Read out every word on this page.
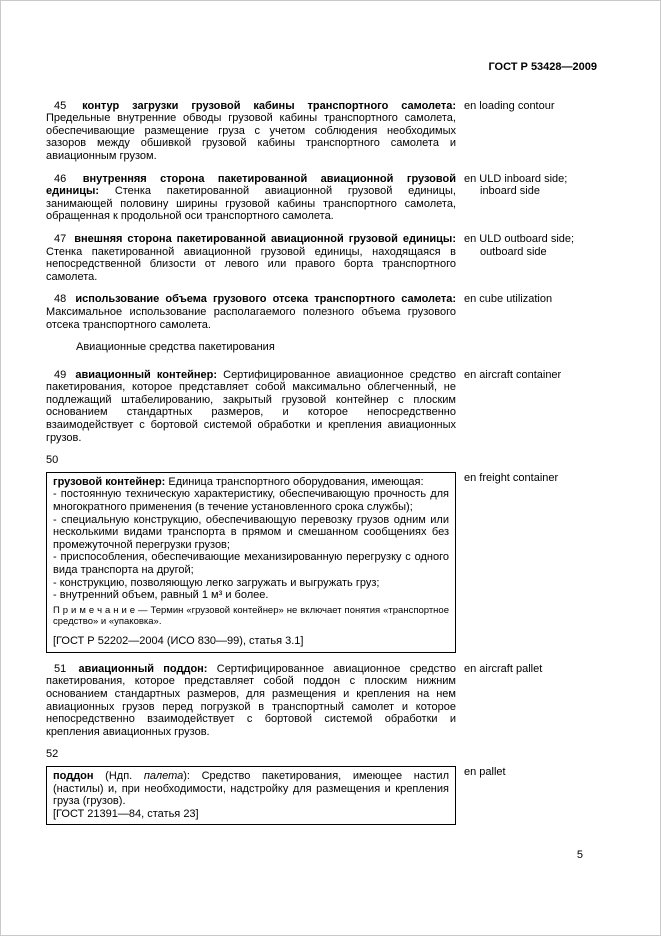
ГОСТ Р 53428—2009

45 контур загрузки грузовой кабины транспортного самолета: Предельные внутренние обводы грузовой кабины транспортного самолета, обеспечивающие размещение груза с учетом соблюдения необходимых зазоров между обшивкой грузовой кабины транспортного самолета и авиационным грузом.

en loading contour

46 внутренняя сторона пакетированной авиационной грузовой единицы: Стенка пакетированной авиационной грузовой единицы, занимающей половину ширины грузовой кабины транспортного самолета, обращенная к продольной оси транспортного самолета.

en ULD inboard side;
inboard side

47 внешняя сторона пакетированной авиационной грузовой единицы: Стенка пакетированной авиационной грузовой единицы, находящаяся в непосредственной близости от левого или правого борта транспортного самолета.

en ULD outboard side;
outboard side

48 использование объема грузового отсека транспортного самолета: Максимальное использование располагаемого полезного объема грузового отсека транспортного самолета.

en cube utilization

Авиационные средства пакетирования

49 авиационный контейнер: Сертифицированное авиационное средство пакетирования, которое представляет собой максимально облегченный, не подлежащий штабелированию, закрытый грузовой контейнер с плоским основанием стандартных размеров, и которое непосредственно взаимодействует с бортовой системой обработки и крепления авиационных грузов.

en aircraft container

50

грузовой контейнер: Единица транспортного оборудования, имеющая:

- постоянную техническую характеристику, обеспечивающую прочность для многократного применения (в течение установленного срока службы);

- специальную конструкцию, обеспечивающую перевозку грузов одним или несколькими видами транспорта в прямом и смешанном сообщениях без промежуточной перегрузки грузов;

- приспособления, обеспечивающие механизированную перегрузку с одного вида транспорта на другой;

- конструкцию, позволяющую легко загружать и выгружать груз;

- внутренний объем, равный 1 м³ и более.

П р и м е ч а н и е — Термин «грузовой контейнер» не включает понятия «транспортное средство» и «упаковка».

[ГОСТ Р 52202—2004 (ИСО 830—99), статья 3.1]

en freight container

51 авиационный поддон: Сертифицированное авиационное средство пакетирования, которое представляет собой поддон с плоским нижним основанием стандартных размеров, для размещения и крепления на нем авиационных грузов перед погрузкой в транспортный самолет и которое непосредственно взаимодействует с бортовой системой обработки и крепления авиационных грузов.

en aircraft pallet

52

поддон (Ндп. палета): Средство пакетирования, имеющее настил (настилы) и, при необходимости, надстройку для размещения и крепления груза (грузов).

[ГОСТ 21391—84, статья 23]

en pallet
5
